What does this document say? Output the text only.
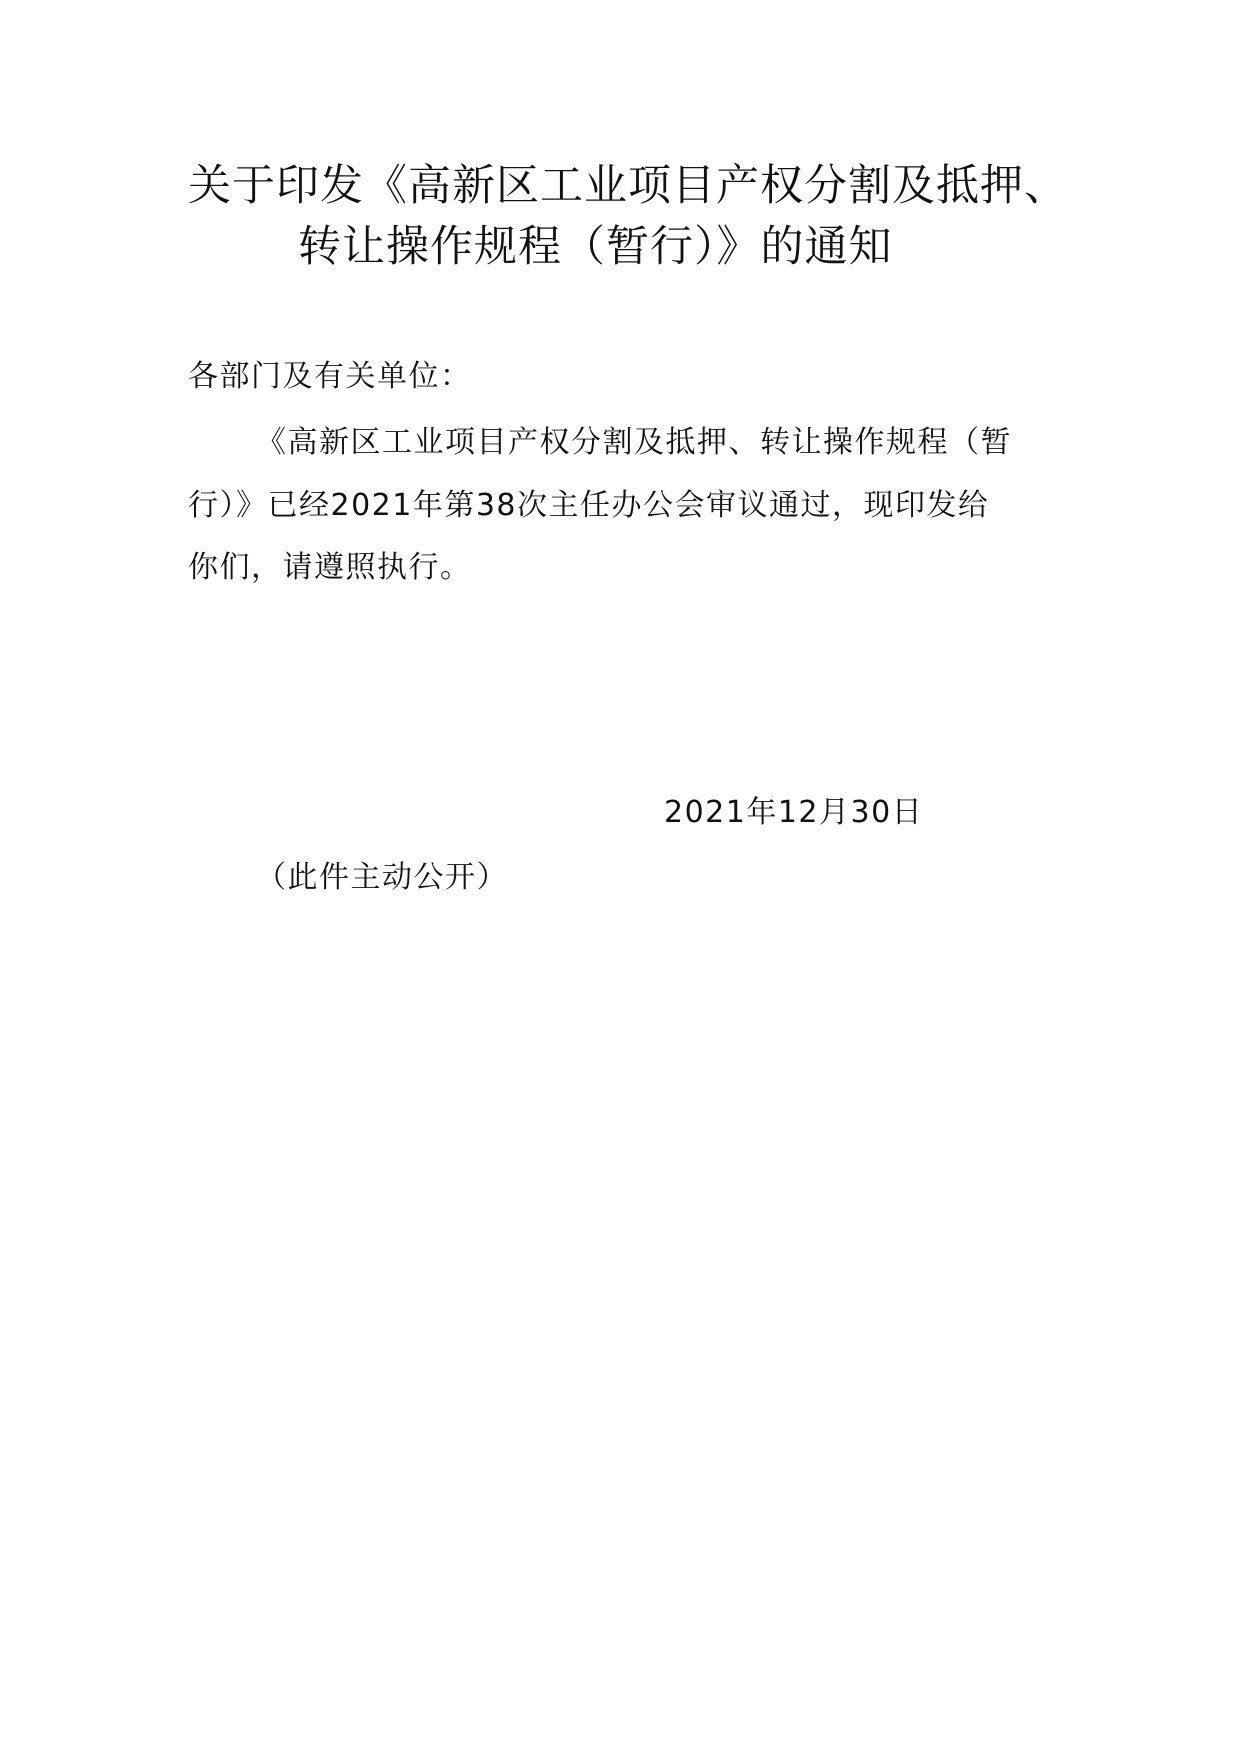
关于印发《高新区工业项目产权分割及抵押、
转让操作规程（暂行）》的通知
各部门及有关单位：
《高新区工业项目产权分割及抵押、转让操作规程（暂
行）》已经2021年第38次主任办公会审议通过，现印发给
你们，请遵照执行。
2021年12月30日
（此件主动公开）
